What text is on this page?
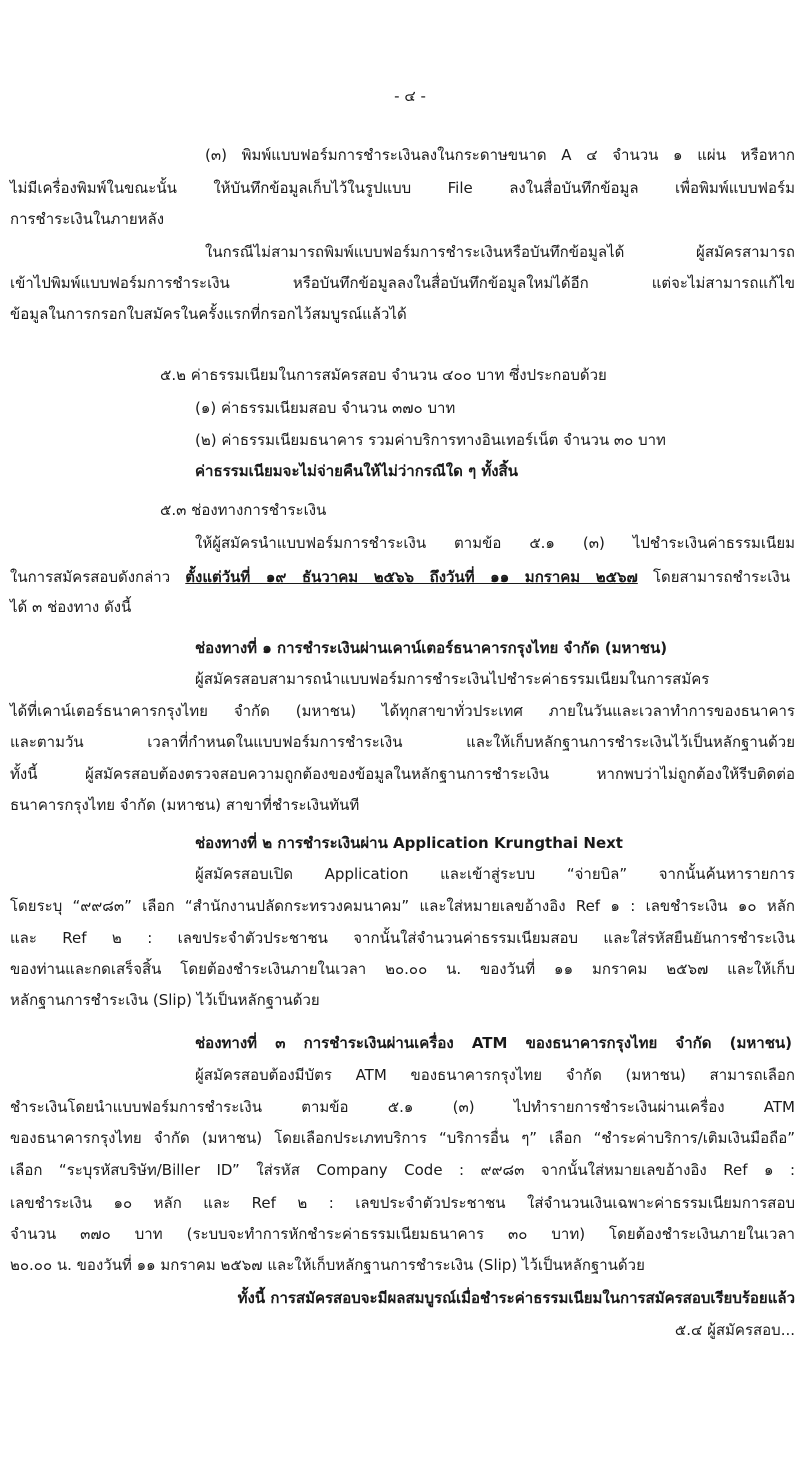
- ๔ -
ในการสมัครสอบดังกล่าว ตั้งแต่วันที่ ๑๙ ธันวาคม ๒๕๖๖ ถึงวันที่ ๑๑ มกราคม ๒๕๖๗ โดยสามารถชำระเงิน
(๓) พิมพ์แบบฟอร์มการชำระเงินลงในกระดาษขนาด A ๔ จำนวน ๑ แผ่น หรือหาก
ไม่มีเครื่องพิมพ์ในขณะนั้น ให้บันทึกข้อมูลเก็บไว้ในรูปแบบ File ลงในสื่อบันทึกข้อมูล เพื่อพิมพ์แบบฟอร์ม
การชำระเงินในภายหลัง
ในกรณีไม่สามารถพิมพ์แบบฟอร์มการชำระเงินหรือบันทึกข้อมูลได้ ผู้สมัครสามารถ
เข้าไปพิมพ์แบบฟอร์มการชำระเงิน หรือบันทึกข้อมูลลงในสื่อบันทึกข้อมูลใหม่ได้อีก แต่จะไม่สามารถแก้ไข
ข้อมูลในการกรอกใบสมัครในครั้งแรกที่กรอกไว้สมบูรณ์แล้วได้
๕.๒ ค่าธรรมเนียมในการสมัครสอบ จำนวน ๔๐๐ บาท ซึ่งประกอบด้วย
(๑) ค่าธรรมเนียมสอบ จำนวน ๓๗๐ บาท
(๒) ค่าธรรมเนียมธนาคาร รวมค่าบริการทางอินเทอร์เน็ต จำนวน ๓๐ บาท
ค่าธรรมเนียมจะไม่จ่ายคืนให้ไม่ว่ากรณีใด ๆ ทั้งสิ้น
๕.๓ ช่องทางการชำระเงิน
ให้ผู้สมัครนำแบบฟอร์มการชำระเงิน ตามข้อ ๕.๑ (๓) ไปชำระเงินค่าธรรมเนียม
ได้ ๓ ช่องทาง ดังนี้
ช่องทางที่ ๑ การชำระเงินผ่านเคาน์เตอร์ธนาคารกรุงไทย จำกัด (มหาชน)
ผู้สมัครสอบสามารถนำแบบฟอร์มการชำระเงินไปชำระค่าธรรมเนียมในการสมัคร
ได้ที่เคาน์เตอร์ธนาคารกรุงไทย จำกัด (มหาชน) ได้ทุกสาขาทั่วประเทศ ภายในวันและเวลาทำการของธนาคาร
และตามวัน เวลาที่กำหนดในแบบฟอร์มการชำระเงิน และให้เก็บหลักฐานการชำระเงินไว้เป็นหลักฐานด้วย
ทั้งนี้ ผู้สมัครสอบต้องตรวจสอบความถูกต้องของข้อมูลในหลักฐานการชำระเงิน หากพบว่าไม่ถูกต้องให้รีบติดต่อ
ธนาคารกรุงไทย จำกัด (มหาชน) สาขาที่ชำระเงินทันที
ช่องทางที่ ๒ การชำระเงินผ่าน Application Krungthai Next
ผู้สมัครสอบเปิด Application และเข้าสู่ระบบ “จ่ายบิล” จากนั้นค้นหารายการ
โดยระบุ “๙๙๘๓” เลือก “สำนักงานปลัดกระทรวงคมนาคม” และใส่หมายเลขอ้างอิง Ref ๑ : เลขชำระเงิน ๑๐ หลัก
และ Ref ๒ : เลขประจำตัวประชาชน จากนั้นใส่จำนวนค่าธรรมเนียมสอบ และใส่รหัสยืนยันการชำระเงิน
ของท่านและกดเสร็จสิ้น โดยต้องชำระเงินภายในเวลา ๒๐.๐๐ น. ของวันที่ ๑๑ มกราคม ๒๕๖๗ และให้เก็บ
หลักฐานการชำระเงิน (Slip) ไว้เป็นหลักฐานด้วย
ช่องทางที่ ๓ การชำระเงินผ่านเครื่อง ATM ของธนาคารกรุงไทย จำกัด (มหาชน)
ผู้สมัครสอบต้องมีบัตร ATM ของธนาคารกรุงไทย จำกัด (มหาชน) สามารถเลือก
ชำระเงินโดยนำแบบฟอร์มการชำระเงิน ตามข้อ ๕.๑ (๓) ไปทำรายการชำระเงินผ่านเครื่อง ATM
ของธนาคารกรุงไทย จำกัด (มหาชน) โดยเลือกประเภทบริการ “บริการอื่น ๆ” เลือก “ชำระค่าบริการ/เติมเงินมือถือ”
เลือก “ระบุรหัสบริษัท/Biller ID” ใส่รหัส Company Code : ๙๙๘๓ จากนั้นใส่หมายเลขอ้างอิง Ref ๑ :
เลขชำระเงิน ๑๐ หลัก และ Ref ๒ : เลขประจำตัวประชาชน ใส่จำนวนเงินเฉพาะค่าธรรมเนียมการสอบ
จำนวน ๓๗๐ บาท (ระบบจะทำการหักชำระค่าธรรมเนียมธนาคาร ๓๐ บาท) โดยต้องชำระเงินภายในเวลา
๒๐.๐๐ น. ของวันที่ ๑๑ มกราคม ๒๕๖๗ และให้เก็บหลักฐานการชำระเงิน (Slip) ไว้เป็นหลักฐานด้วย
ทั้งนี้ การสมัครสอบจะมีผลสมบูรณ์เมื่อชำระค่าธรรมเนียมในการสมัครสอบเรียบร้อยแล้ว
๕.๔ ผู้สมัครสอบ...
